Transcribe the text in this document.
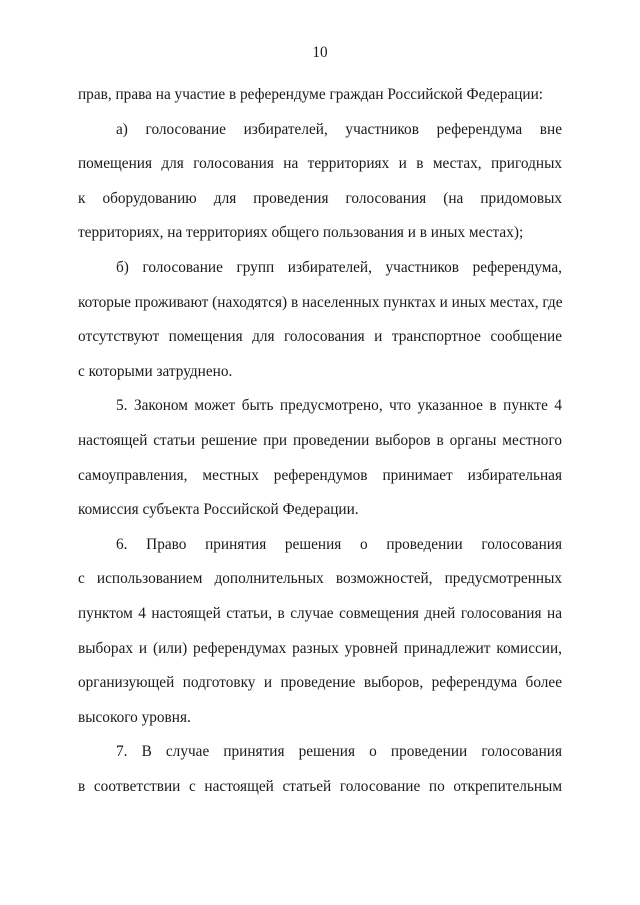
10
прав, права на участие в референдуме граждан Российской Федерации:
а) голосование избирателей, участников референдума вне
помещения для голосования на территориях и в местах, пригодных
к оборудованию для проведения голосования (на придомовых
территориях, на территориях общего пользования и в иных местах);
б) голосование групп избирателей, участников референдума,
которые проживают (находятся) в населенных пунктах и иных местах, где
отсутствуют помещения для голосования и транспортное сообщение
с которыми затруднено.
5. Законом может быть предусмотрено, что указанное в пункте 4
настоящей статьи решение при проведении выборов в органы местного
самоуправления, местных референдумов принимает избирательная
комиссия субъекта Российской Федерации.
6. Право принятия решения о проведении голосования
с использованием дополнительных возможностей, предусмотренных
пунктом 4 настоящей статьи, в случае совмещения дней голосования на
выборах и (или) референдумах разных уровней принадлежит комиссии,
организующей подготовку и проведение выборов, референдума более
высокого уровня.
7. В случае принятия решения о проведении голосования
в соответствии с настоящей статьей голосование по открепительным
